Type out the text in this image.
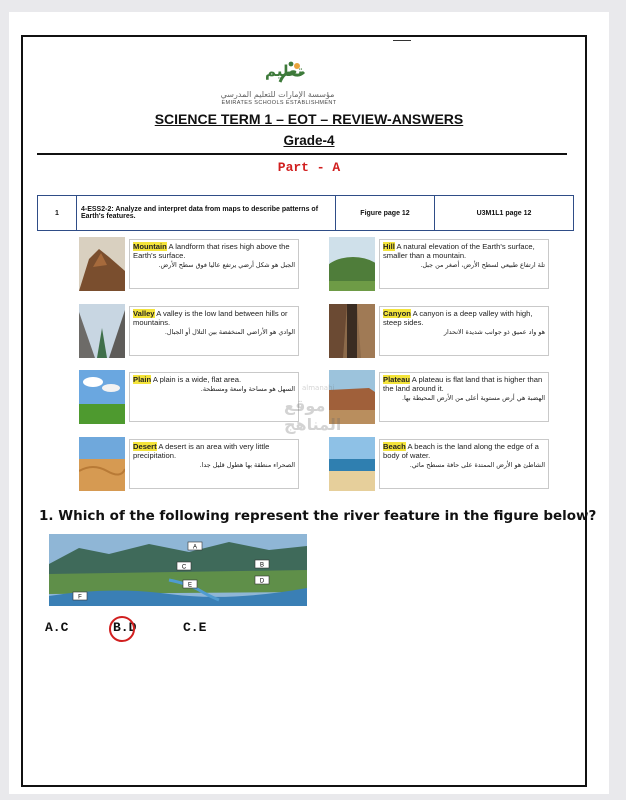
تعليم
مؤسسة الإمارات للتعليم المدرسي
EMIRATES SCHOOLS ESTABLISHMENT
SCIENCE TERM 1 – EOT – REVIEW-ANSWERS
Grade-4
Part - A
1	4-ESS2-2: Analyze and interpret data from maps to describe patterns of Earth's features.	Figure page 12	U3M1L1 page 12
Mountain A landform that rises high above the Earth's surface.
الجبل هو شكل أرضي يرتفع عاليا فوق سطح الأرض.
Hill A natural elevation of the Earth's surface, smaller than a mountain.
تلة ارتفاع طبيعي لسطح الأرض، أصغر من جبل.
Valley A valley is the low land between hills or mountains.
الوادي هو الأراضي المنخفضة بين التلال أو الجبال.
Canyon A canyon is a deep valley with high, steep sides.
هو واد عميق ذو جوانب شديدة الانحدار
Plain A plain is a wide, flat area.
السهل هو مساحة واسعة ومسطحة.
Plateau A plateau is flat land that is higher than the land around it.
الهضبة هي أرض مستوية أعلى من الأرض المحيطة بها.
Desert A desert is an area with very little precipitation.
الصحراء منطقة بها هطول قليل جدا.
Beach A beach is the land along the edge of a body of water.
الشاطئ هو الأرض الممتدة على حافة مسطح مائي.
almanahj
موقع المناهج
1. Which of the following represent the river feature in the figure below?
A
B
C
D
E
F
A.C	B.D	C.E
